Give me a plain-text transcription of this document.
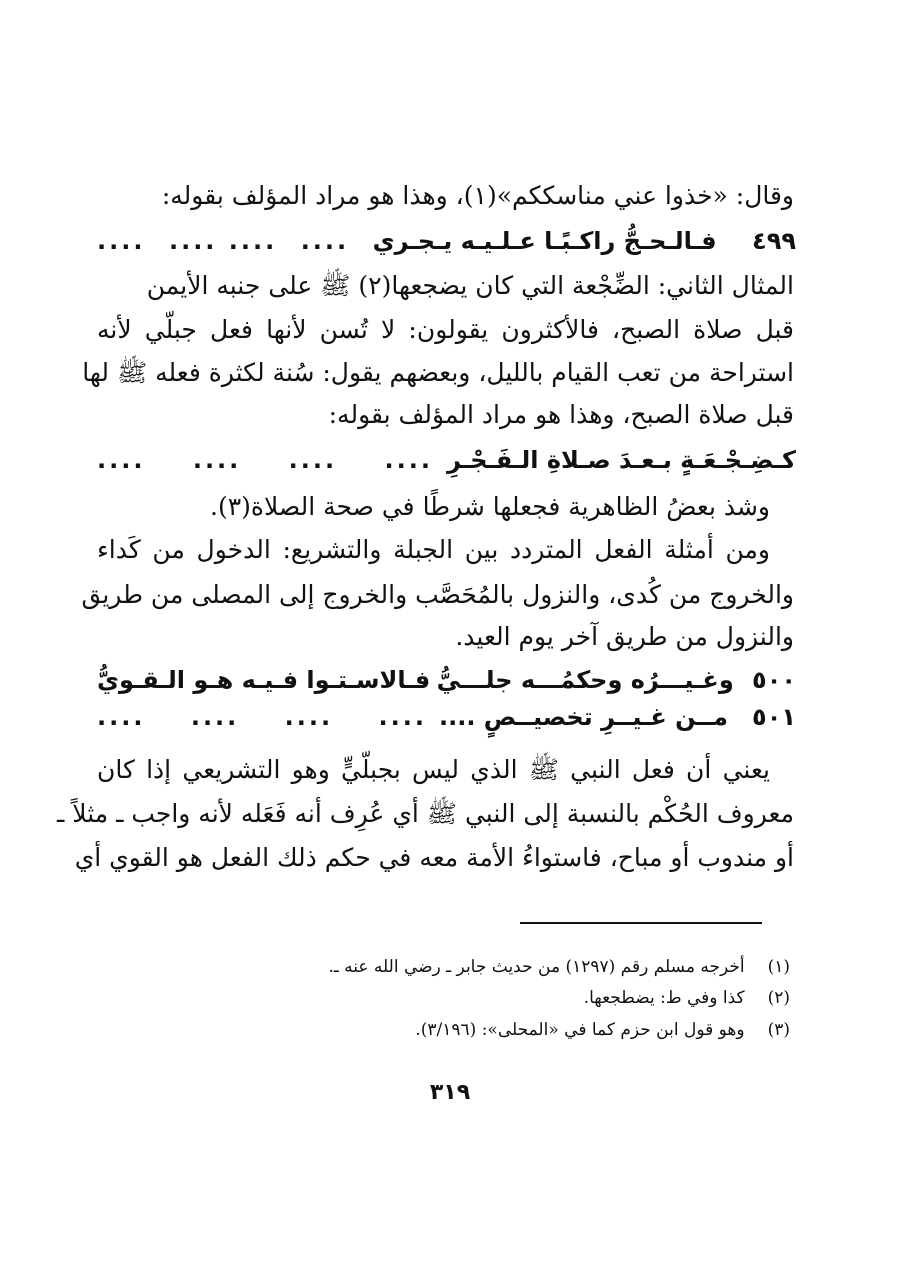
وقال: «خذوا عني مناسككم»(١)، وهذا هو مراد المؤلف بقوله:
٤٩٩
فـالـحـجُّ راكـبًـا عـلـيـه يـجـري
....
.... ....
....
المثال الثاني: الضِّجْعة التي كان يضجعها(٢) ﷺ على جنبه الأيمن
قبل صلاة الصبح، فالأكثرون يقولون: لا تُسن لأنها فعل جبلّي لأنه
استراحة من تعب القيام بالليل، وبعضهم يقول: سُنة لكثرة فعله ﷺ لها
قبل صلاة الصبح، وهذا هو مراد المؤلف بقوله:
كـضِـجْـعَـةٍ بـعـدَ صـلاةِ الـفَـجْـرِ
.... .... .... ....
وشذ بعضُ الظاهرية فجعلها شرطًا في صحة الصلاة(٣).
ومن أمثلة الفعل المتردد بين الجبلة والتشريع: الدخول من كَداء
والخروج من كُدى، والنزول بالمُحَصَّب والخروج إلى المصلى من طريق
والنزول من طريق آخر يوم العيد.
٥٠٠
وغـيـــرُه وحكمُـــه جلـــيُّ
فـالاسـتـوا فـيـه هـو الـقـويُّ
٥٠١
مــن غـيــرِ تخصيــصٍ ....
.... .... .... ....
يعني أن فعل النبي ﷺ الذي ليس بجبلّيٍّ وهو التشريعي إذا كان
معروف الحُكْم بالنسبة إلى النبي ﷺ أي عُرِف أنه فَعَله لأنه واجب ـ مثلاً ـ
أو مندوب أو مباح، فاستواءُ الأمة معه في حكم ذلك الفعل هو القوي أي
(١) أخرجه مسلم رقم (١٢٩٧) من حديث جابر ـ رضي الله عنه ـ.
(٢) كذا وفي ط: يضطجعها.
(٣) وهو قول ابن حزم كما في «المحلى»: (٣/١٩٦).
٣١٩
